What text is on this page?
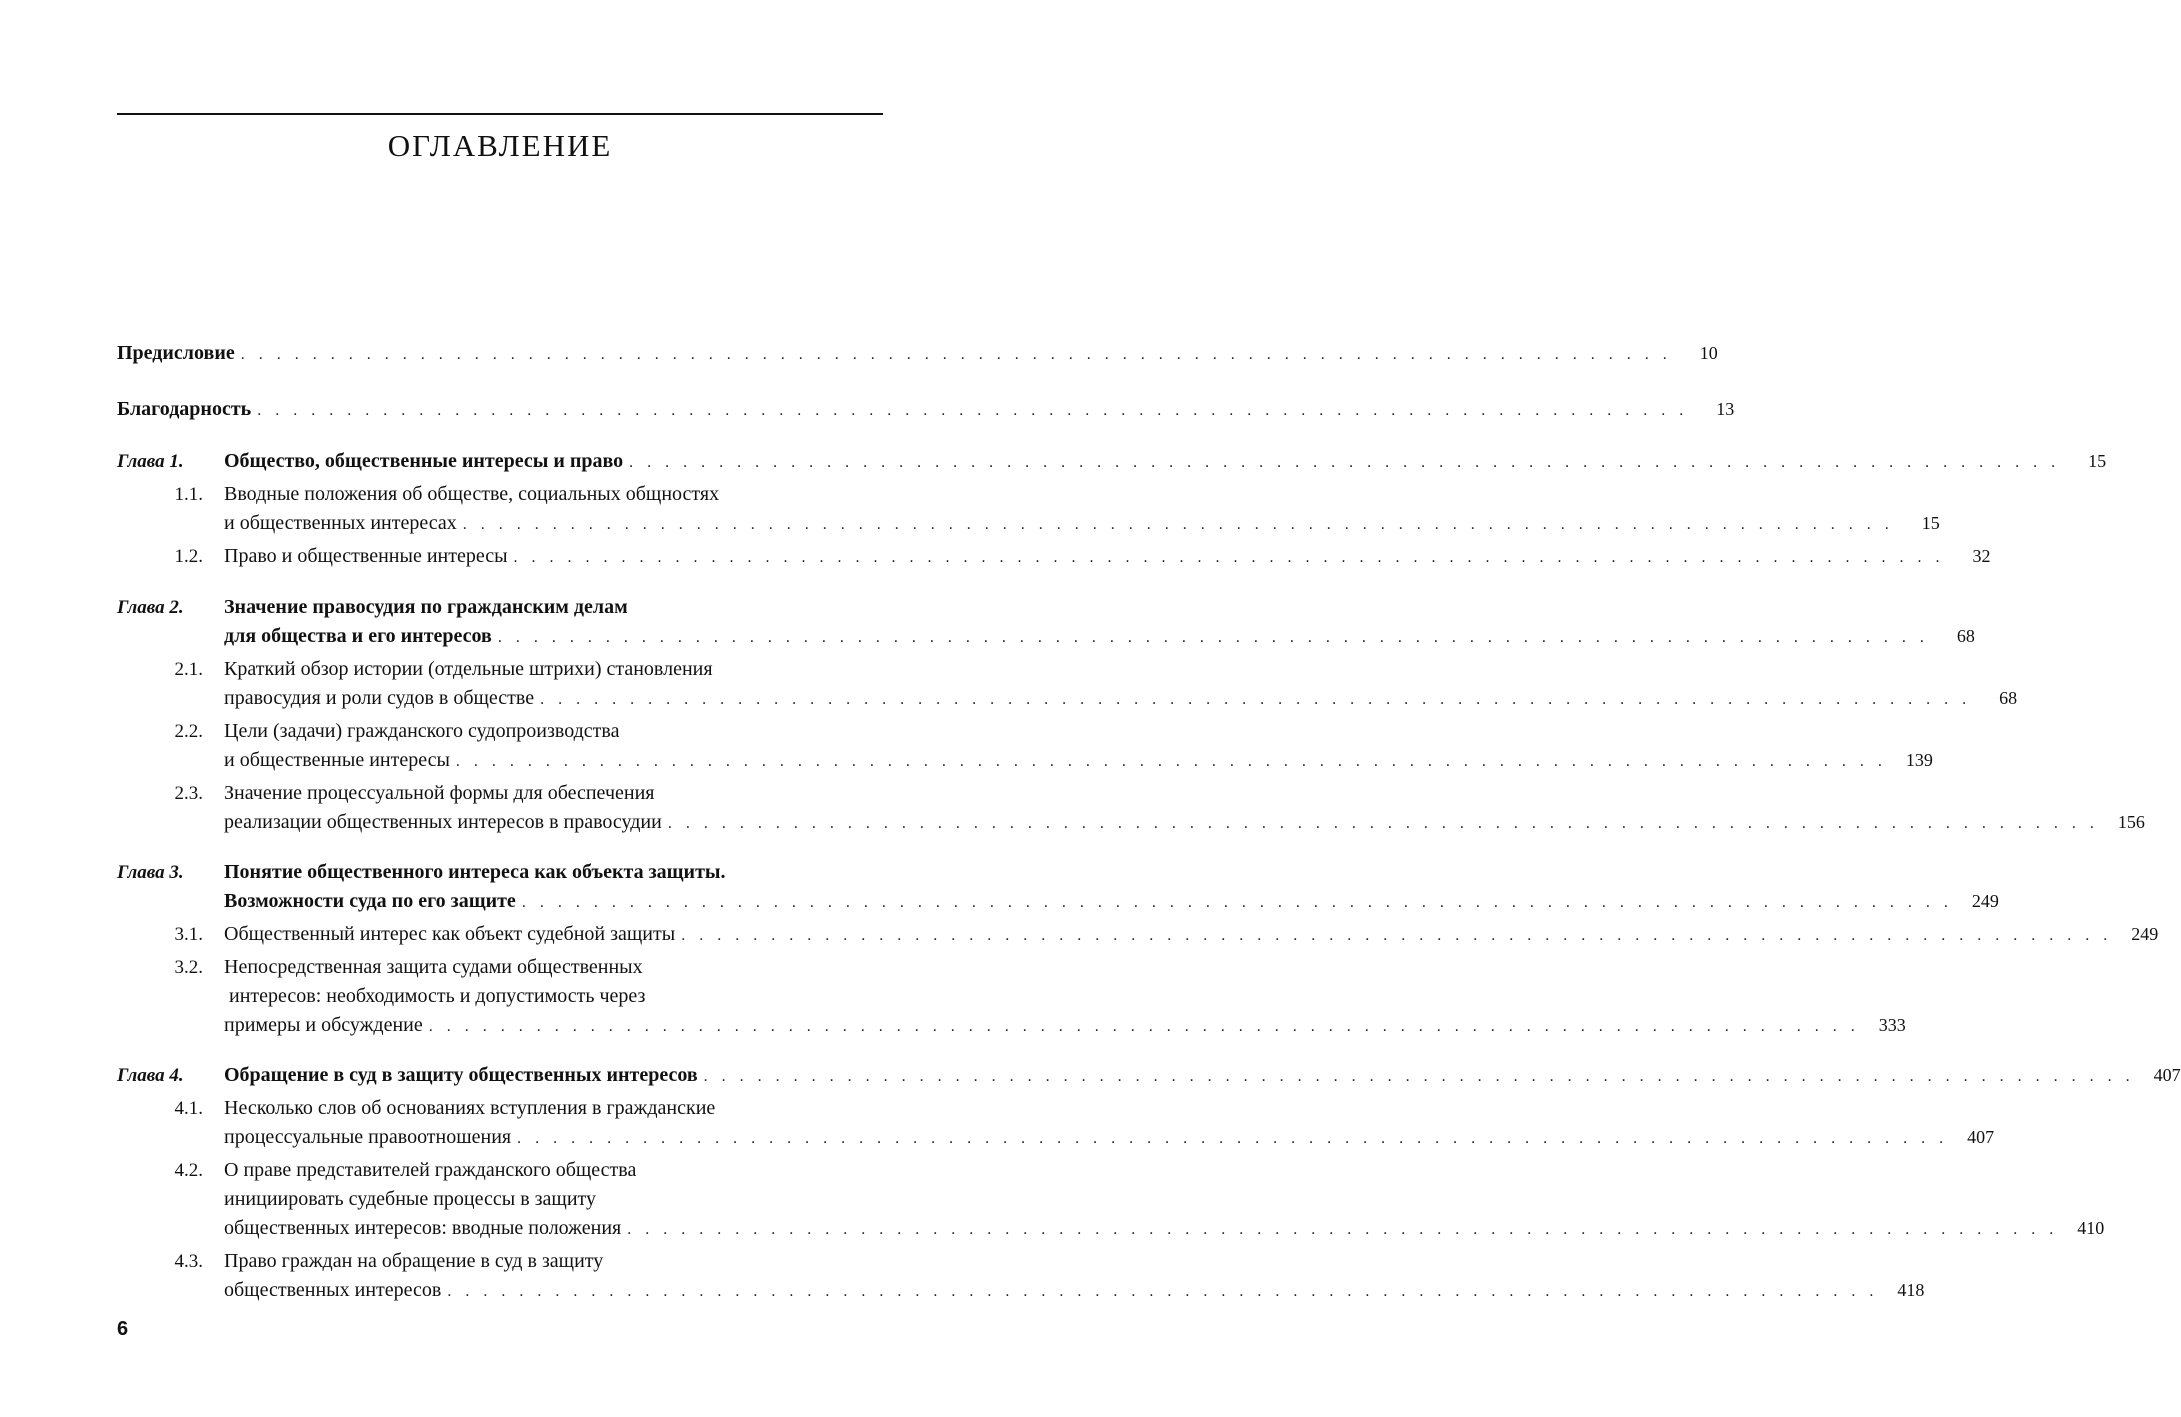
ОГЛАВЛЕНИЕ
Предисловие . . . . . . . . . . . . . . . . . . . . . . . . . . . . . . . . . . . . . . . . . . . . . . . . . . . . . . . . . . . . . . . . . . . . . . . . . . . . . . . .	10
Благодарность . . . . . . . . . . . . . . . . . . . . . . . . . . . . . . . . . . . . . . . . . . . . . . . . . . . . . . . . . . . . . . . . . . . . . . . . . . . . . . . .	13
Глава 1.	Общество, общественные интересы и право . . . . . . . . . . . . . . . . . . . . . . . . . . . . . . . . . . . . . . . . . . . . . . . . . . . . . . . . . . . . . . . . . . . . . . . . . . . . . . . .	15
1.1. Вводные положения об обществе, социальных общностях
и общественных интересах . . . . . . . . . . . . . . . . . . . . . . . . . . . . . . . . . . . . . . . . . . . . . . . . . . . . . . . . . . . . . . . . . . . . . . . . . . . . . . . .	15
1.2. Право и общественные интересы . . . . . . . . . . . . . . . . . . . . . . . . . . . . . . . . . . . . . . . . . . . . . . . . . . . . . . . . . . . . . . . . . . . . . . . . . . . . . . . .	32
Глава 2.	Значение правосудия по гражданским делам
для общества и его интересов . . . . . . . . . . . . . . . . . . . . . . . . . . . . . . . . . . . . . . . . . . . . . . . . . . . . . . . . . . . . . . . . . . . . . . . . . . . . . . . .	68
2.1. Краткий обзор истории (отдельные штрихи) становления
правосудия и роли судов в обществе . . . . . . . . . . . . . . . . . . . . . . . . . . . . . . . . . . . . . . . . . . . . . . . . . . . . . . . . . . . . . . . . . . . . . . . . . . . . . . . .	68
2.2. Цели (задачи) гражданского судопроизводства
и общественные интересы . . . . . . . . . . . . . . . . . . . . . . . . . . . . . . . . . . . . . . . . . . . . . . . . . . . . . . . . . . . . . . . . . . . . . . . . . . . . . . . .	139
2.3. Значение процессуальной формы для обеспечения
реализации общественных интересов в правосудии . . . . . . . . . . . . . . . . . . . . . . . . . . . . . . . . . . . . . . . . . . . . . . . . . . . . . . . . . . . . . . . . . . . . . . . . . . . . . . . .	156
Глава 3.	Понятие общественного интереса как объекта защиты.
Возможности суда по его защите . . . . . . . . . . . . . . . . . . . . . . . . . . . . . . . . . . . . . . . . . . . . . . . . . . . . . . . . . . . . . . . . . . . . . . . . . . . . . . . .	249
3.1. Общественный интерес как объект судебной защиты . . . . . . . . . . . . . . . . . . . . . . . . . . . . . . . . . . . . . . . . . . . . . . . . . . . . . . . . . . . . . . . . . . . . . . . . . . . . . . . .	249
3.2. Непосредственная защита судами общественных
интересов: необходимость и допустимость через
примеры и обсуждение . . . . . . . . . . . . . . . . . . . . . . . . . . . . . . . . . . . . . . . . . . . . . . . . . . . . . . . . . . . . . . . . . . . . . . . . . . . . . . . .	333
Глава 4.	Обращение в суд в защиту общественных интересов . . . . . . . . . . . . . . . . . . . . . . . . . . . . . . . . . . . . . . . . . . . . . . . . . . . . . . . . . . . . . . . . . . . . . . . . . . . . . . . .	407
4.1. Несколько слов об основаниях вступления в гражданские
процессуальные правоотношения . . . . . . . . . . . . . . . . . . . . . . . . . . . . . . . . . . . . . . . . . . . . . . . . . . . . . . . . . . . . . . . . . . . . . . . . . . . . . . . .	407
4.2. О праве представителей гражданского общества
инициировать судебные процессы в защиту
общественных интересов: вводные положения . . . . . . . . . . . . . . . . . . . . . . . . . . . . . . . . . . . . . . . . . . . . . . . . . . . . . . . . . . . . . . . . . . . . . . . . . . . . . . . .	410
4.3. Право граждан на обращение в суд в защиту
общественных интересов . . . . . . . . . . . . . . . . . . . . . . . . . . . . . . . . . . . . . . . . . . . . . . . . . . . . . . . . . . . . . . . . . . . . . . . . . . . . . . . .	418
6
